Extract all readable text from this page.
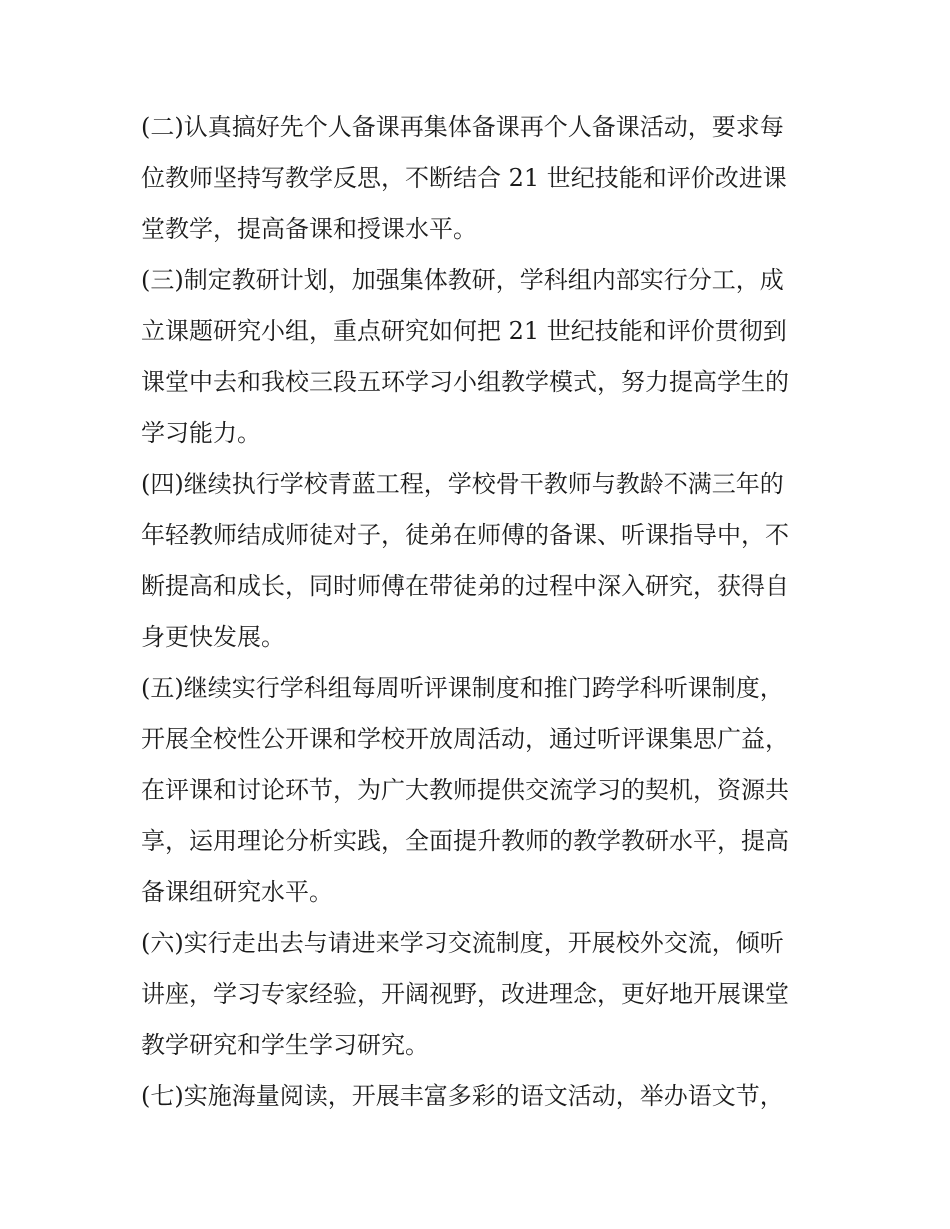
(二)认真搞好先个人备课再集体备课再个人备课活动，要求每
位教师坚持写教学反思，不断结合 21 世纪技能和评价改进课
堂教学，提高备课和授课水平。
(三)制定教研计划，加强集体教研，学科组内部实行分工，成
立课题研究小组，重点研究如何把 21 世纪技能和评价贯彻到
课堂中去和我校三段五环学习小组教学模式，努力提高学生的
学习能力。
(四)继续执行学校青蓝工程，学校骨干教师与教龄不满三年的
年轻教师结成师徒对子，徒弟在师傅的备课、听课指导中，不
断提高和成长，同时师傅在带徒弟的过程中深入研究，获得自
身更快发展。
(五)继续实行学科组每周听评课制度和推门跨学科听课制度，
开展全校性公开课和学校开放周活动，通过听评课集思广益，
在评课和讨论环节，为广大教师提供交流学习的契机，资源共
享，运用理论分析实践，全面提升教师的教学教研水平，提高
备课组研究水平。
(六)实行走出去与请进来学习交流制度，开展校外交流，倾听
讲座，学习专家经验，开阔视野，改进理念，更好地开展课堂
教学研究和学生学习研究。
(七)实施海量阅读，开展丰富多彩的语文活动，举办语文节，
